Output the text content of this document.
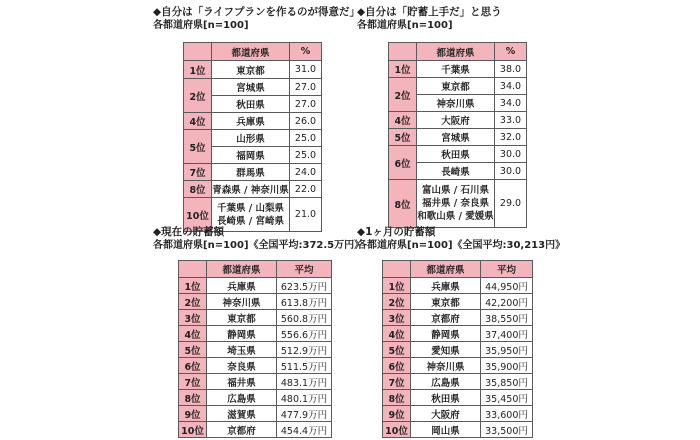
◆自分は「ライフプランを作るのが得意だ」
各都道府県[n=100]
	都道府県	%
1位	東京都	31.0
2位	宮城県	27.0
	秋田県	27.0
4位	兵庫県	26.0
5位	山形県	25.0
	福岡県	25.0
7位	群馬県	24.0
8位	青森県 / 神奈川県	22.0
10位	千葉県 / 山梨県
長崎県 / 宮崎県	21.0
◆自分は「貯蓄上手だ」と思う
各都道府県[n=100]
	都道府県	%
1位	千葉県	38.0
2位	東京都	34.0
	神奈川県	34.0
4位	大阪府	33.0
5位	宮城県	32.0
6位	秋田県	30.0
	長崎県	30.0
8位	富山県 / 石川県
福井県 / 奈良県
和歌山県 / 愛媛県	29.0
◆現在の貯蓄額
各都道府県[n=100]《全国平均:372.5万円》
	都道府県	平均
1位	兵庫県	623.5万円
2位	神奈川県	613.8万円
3位	東京都	560.8万円
4位	静岡県	556.6万円
5位	埼玉県	512.9万円
6位	奈良県	511.5万円
7位	福井県	483.1万円
8位	広島県	480.1万円
9位	滋賀県	477.9万円
10位	京都府	454.4万円
◆1ヶ月の貯蓄額
各都道府県[n=100]《全国平均:30,213円》
	都道府県	平均
1位	兵庫県	44,950円
2位	東京都	42,200円
3位	京都府	38,550円
4位	静岡県	37,400円
5位	愛知県	35,950円
6位	神奈川県	35,900円
7位	広島県	35,850円
8位	秋田県	35,450円
9位	大阪府	33,600円
10位	岡山県	33,500円
